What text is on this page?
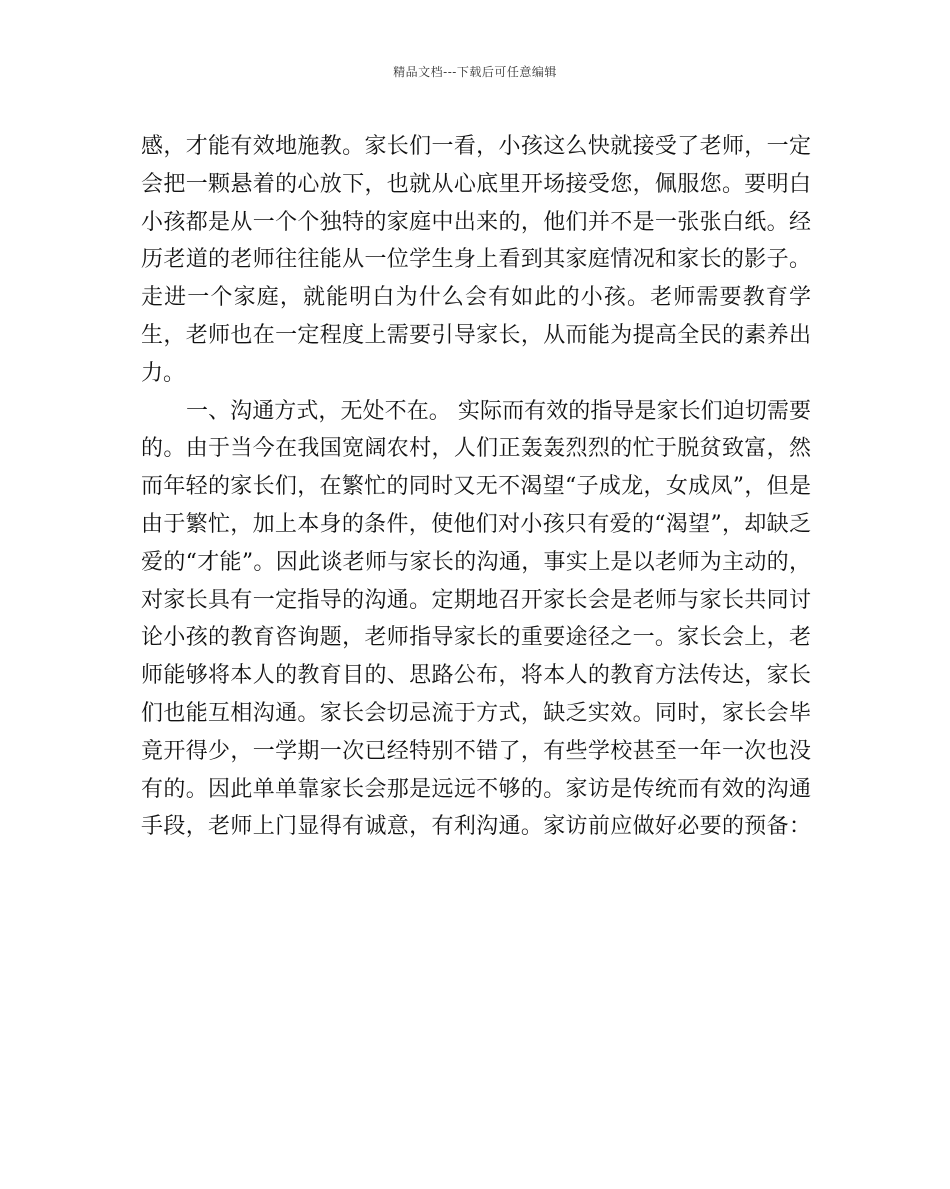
精品文档---下载后可任意编辑
感，才能有效地施教。家长们一看，小孩这么快就接受了老师，一定
会把一颗悬着的心放下，也就从心底里开场接受您，佩服您。要明白
小孩都是从一个个独特的家庭中出来的，他们并不是一张张白纸。经
历老道的老师往往能从一位学生身上看到其家庭情况和家长的影子。
走进一个家庭，就能明白为什么会有如此的小孩。老师需要教育学
生，老师也在一定程度上需要引导家长，从而能为提高全民的素养出
力。
一、沟通方式，无处不在。 实际而有效的指导是家长们迫切需要
的。由于当今在我国宽阔农村，人们正轰轰烈烈的忙于脱贫致富，然
而年轻的家长们，在繁忙的同时又无不渴望“子成龙，女成凤”，但是
由于繁忙，加上本身的条件，使他们对小孩只有爱的“渴望”，却缺乏
爱的“才能”。因此谈老师与家长的沟通，事实上是以老师为主动的，
对家长具有一定指导的沟通。定期地召开家长会是老师与家长共同讨
论小孩的教育咨询题，老师指导家长的重要途径之一。家长会上，老
师能够将本人的教育目的、思路公布，将本人的教育方法传达，家长
们也能互相沟通。家长会切忌流于方式，缺乏实效。同时，家长会毕
竟开得少，一学期一次已经特别不错了，有些学校甚至一年一次也没
有的。因此单单靠家长会那是远远不够的。家访是传统而有效的沟通
手段，老师上门显得有诚意，有利沟通。家访前应做好必要的预备：
